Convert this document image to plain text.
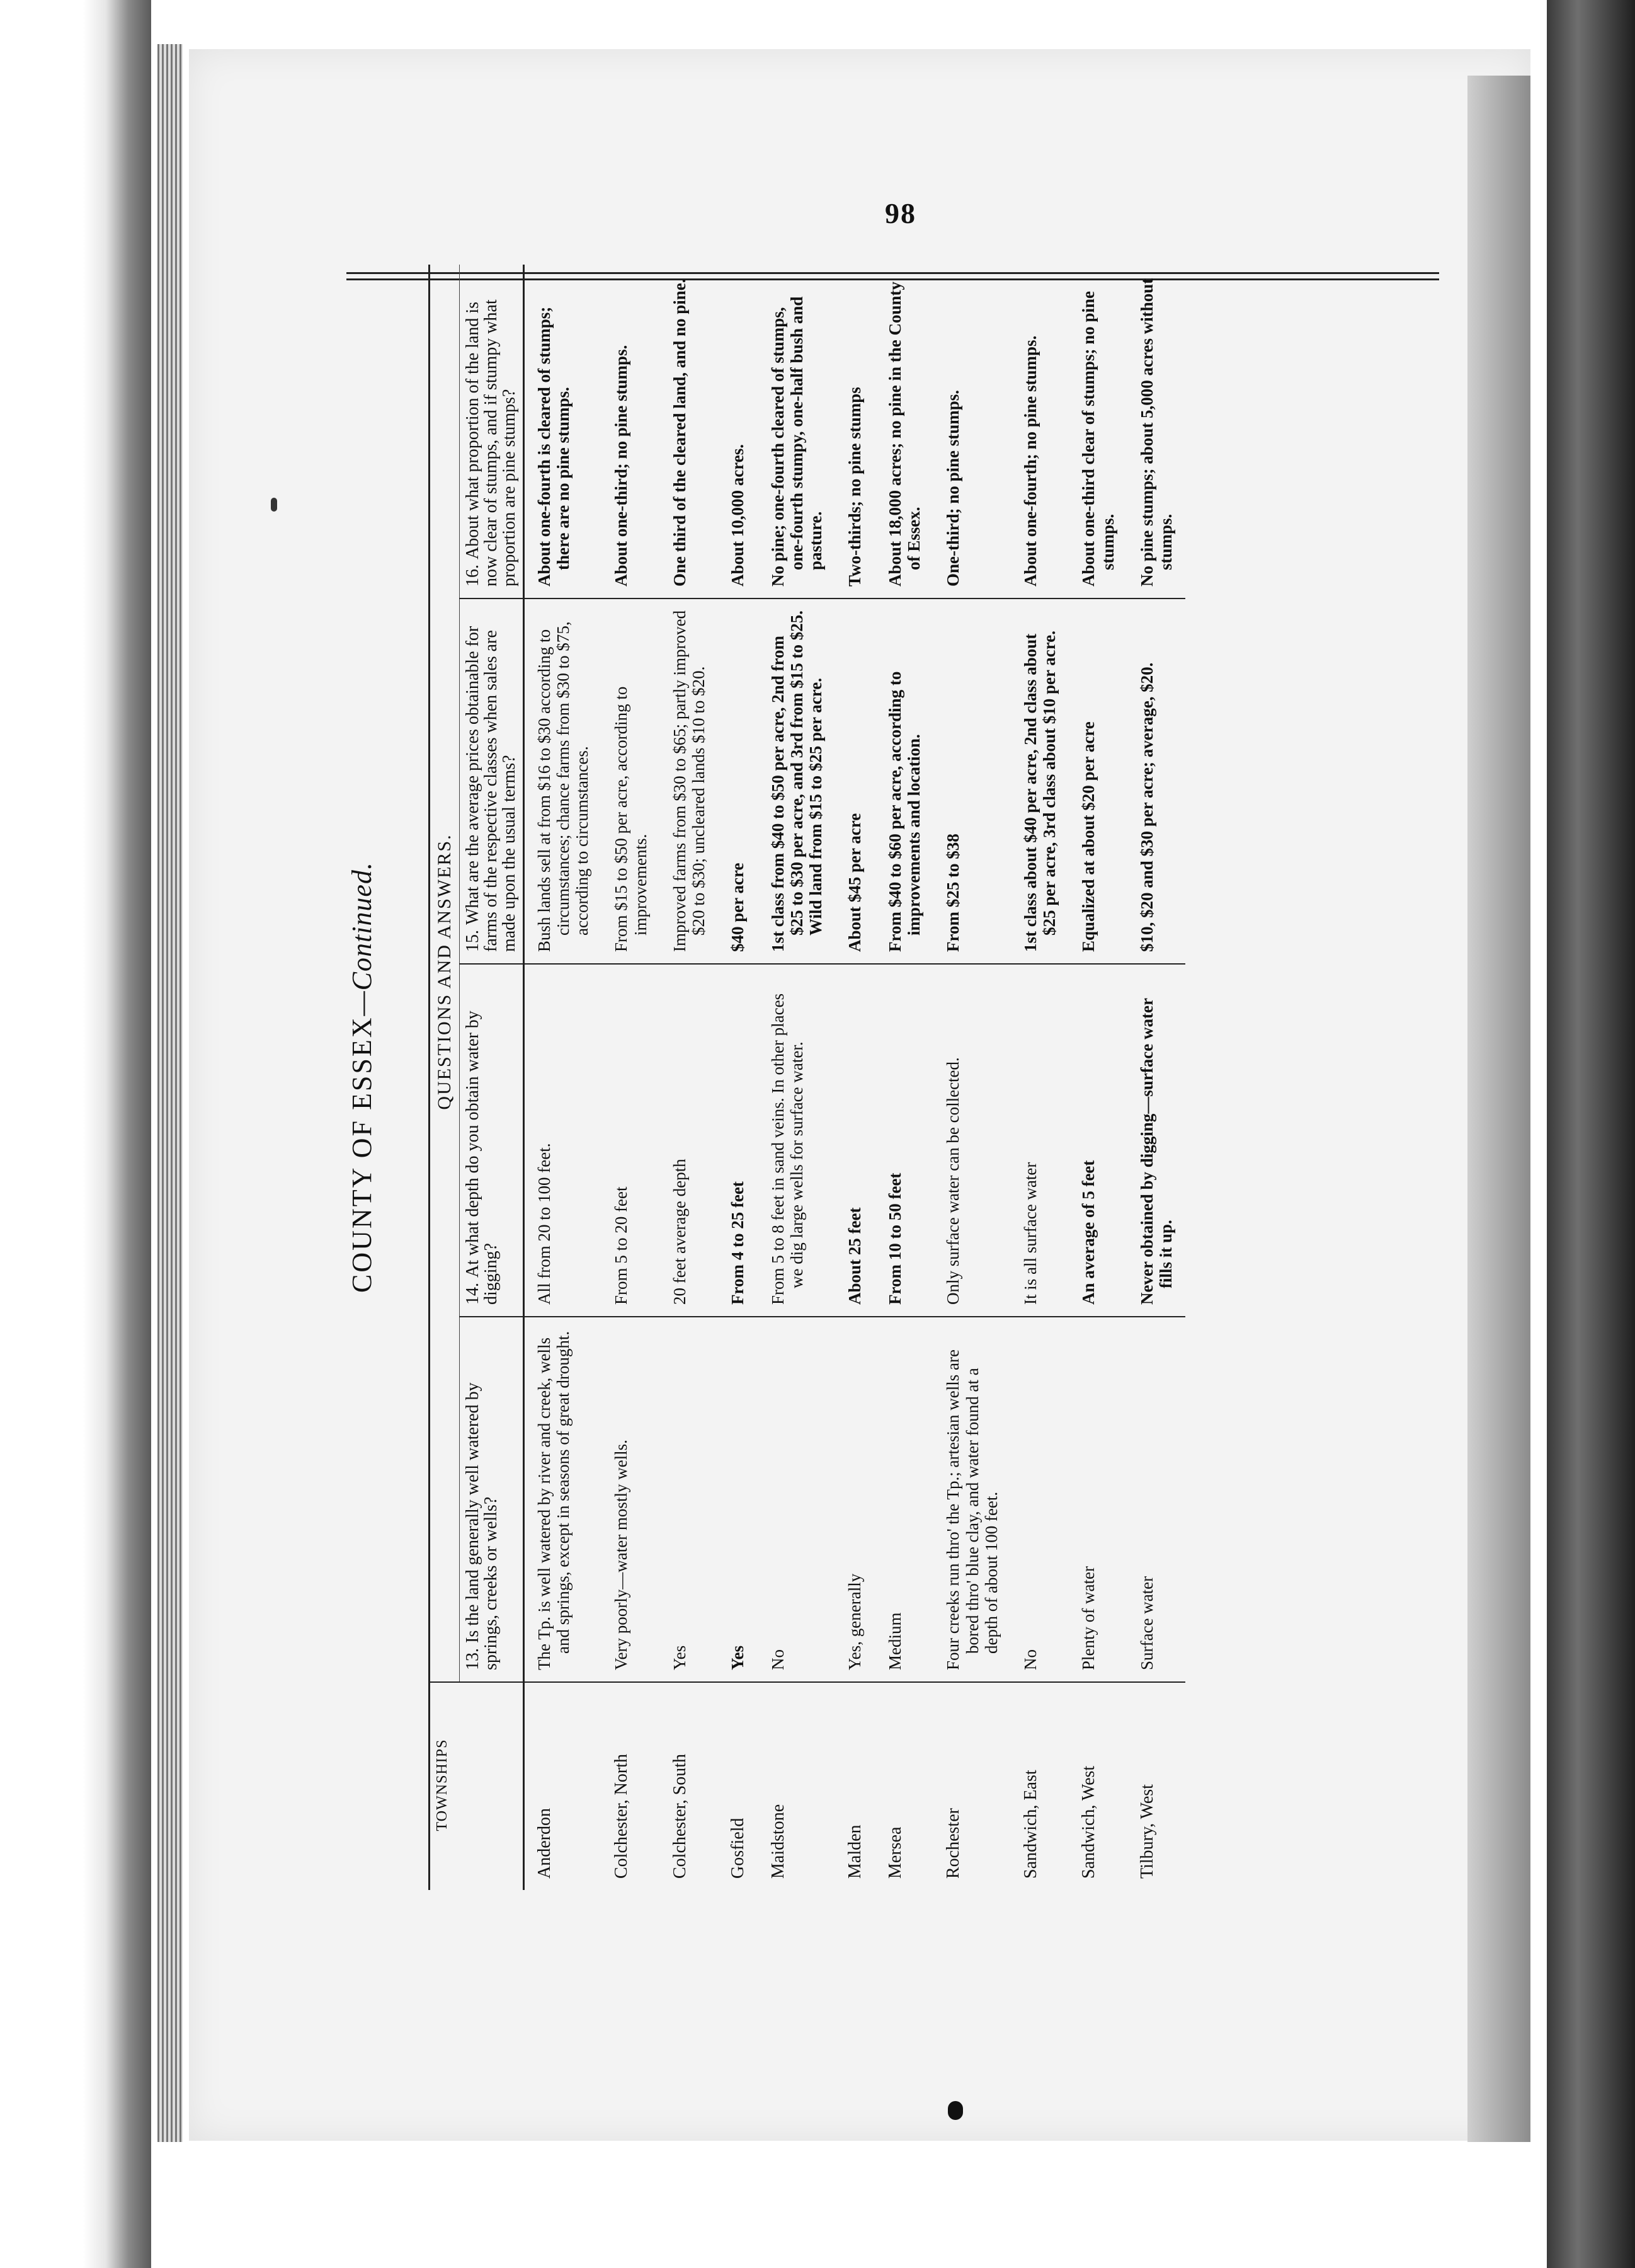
98
COUNTY OF ESSEX—Continued.
TOWNSHIPS	QUESTIONS AND ANSWERS.			
	13.Is the land generally well watered by springs, creeks or wells?	14.At what depth do you obtain water by digging?	15.What are the average prices obtainable for farms of the respective classes when sales are made upon the usual terms?	16.About what proportion of the land is now clear of stumps, and if stumpy what proportion are pine stumps?
Anderdon	The Tp. is well watered by river and creek, wells and springs, except in seasons of great drought.	All from 20 to 100 feet.	Bush lands sell at from $16 to $30 according to circumstances; chance farms from $30 to $75, according to circumstances.	About one-fourth is cleared of stumps; there are no pine stumps.

Colchester, North	Very poorly—water mostly wells.	From 5 to 20 feet	From $15 to $50 per acre, according to improvements.	About one-third; no pine stumps.

Colchester, South	Yes	20 feet average depth	Improved farms from $30 to $65; partly improved $20 to $30; uncleared lands $10 to $20.	One third of the cleared land, and no pine.

Gosfield	Yes	From 4 to 25 feet	$40 per acre	About 10,000 acres.

Maidstone	No	From 5 to 8 feet in sand veins. In other places we dig large wells for surface water.	1st class from $40 to $50 per acre, 2nd from $25 to $30 per acre, and 3rd from $15 to $25. Wild land from $15 to $25 per acre.	No pine; one-fourth cleared of stumps, one-fourth stumpy, one-half bush and pasture.

Malden	Yes, generally	About 25 feet	About $45 per acre	Two-thirds; no pine stumps

Mersea	Medium	From 10 to 50 feet	From $40 to $60 per acre, according to improvements and location.	About 18,000 acres; no pine in the County of Essex.

Rochester	Four creeks run thro' the Tp.; artesian wells are bored thro' blue clay, and water found at a depth of about 100 feet.	Only surface water can be collected.	From $25 to $38	One-third; no pine stumps.

Sandwich, East	No	It is all surface water	1st class about $40 per acre, 2nd class about $25 per acre, 3rd class about $10 per acre.	About one-fourth; no pine stumps.

Sandwich, West	Plenty of water	An average of 5 feet	Equalized at about $20 per acre	About one-third clear of stumps; no pine stumps.

Tilbury, West	Surface water	Never obtained by digging—surface water fills it up.	$10, $20 and $30 per acre; average, $20.	No pine stumps; about 5,000 acres without stumps.
